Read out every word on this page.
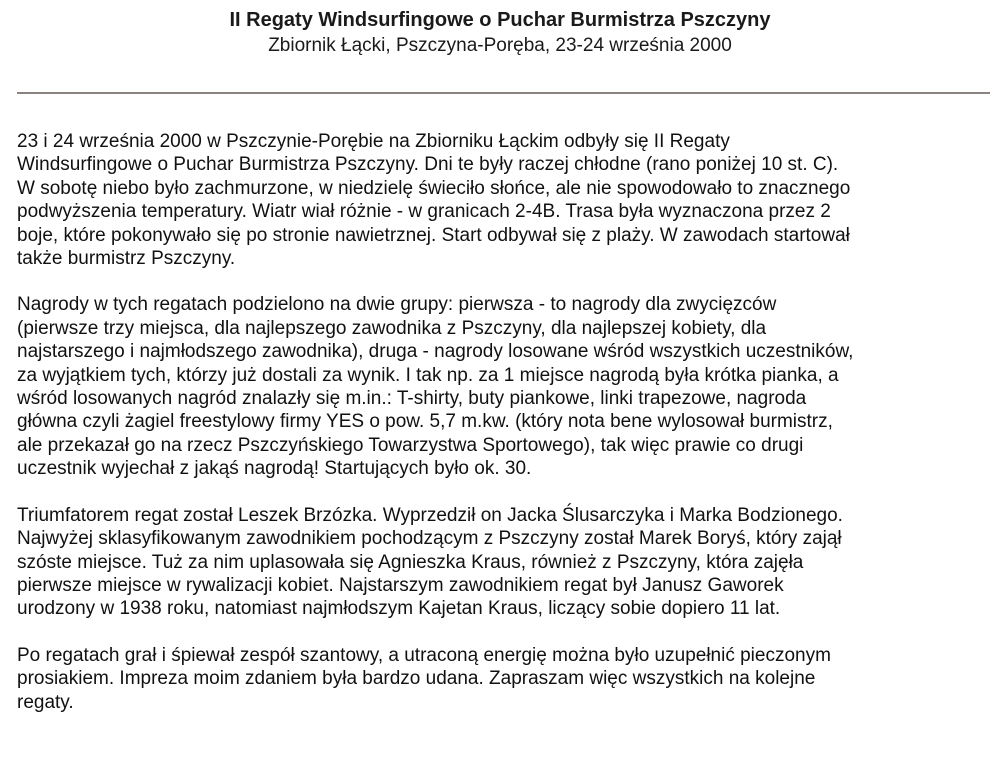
II Regaty Windsurfingowe o Puchar Burmistrza Pszczyny

Zbiornik Łącki, Pszczyna-Poręba, 23-24 września 2000

23 i 24 września 2000 w Pszczynie-Porębie na Zbiorniku Łąckim odbyły się II Regaty
Windsurfingowe o Puchar Burmistrza Pszczyny. Dni te były raczej chłodne (rano poniżej 10 st. C).
W sobotę niebo było zachmurzone, w niedzielę świeciło słońce, ale nie spowodowało to znacznego
podwyższenia temperatury. Wiatr wiał różnie - w granicach 2-4B. Trasa była wyznaczona przez 2
boje, które pokonywało się po stronie nawietrznej. Start odbywał się z plaży. W zawodach startował
także burmistrz Pszczyny.

Nagrody w tych regatach podzielono na dwie grupy: pierwsza - to nagrody dla zwycięzców
(pierwsze trzy miejsca, dla najlepszego zawodnika z Pszczyny, dla najlepszej kobiety, dla
najstarszego i najmłodszego zawodnika), druga - nagrody losowane wśród wszystkich uczestników,
za wyjątkiem tych, którzy już dostali za wynik. I tak np. za 1 miejsce nagrodą była krótka pianka, a
wśród losowanych nagród znalazły się m.in.: T-shirty, buty piankowe, linki trapezowe, nagroda
główna czyli żagiel freestylowy firmy YES o pow. 5,7 m.kw. (który nota bene wylosował burmistrz,
ale przekazał go na rzecz Pszczyńskiego Towarzystwa Sportowego), tak więc prawie co drugi
uczestnik wyjechał z jakąś nagrodą! Startujących było ok. 30.

Triumfatorem regat został Leszek Brzózka. Wyprzedził on Jacka Ślusarczyka i Marka Bodzionego.
Najwyżej sklasyfikowanym zawodnikiem pochodzącym z Pszczyny został Marek Boryś, który zajął
szóste miejsce. Tuż za nim uplasowała się Agnieszka Kraus, również z Pszczyny, która zajęła
pierwsze miejsce w rywalizacji kobiet. Najstarszym zawodnikiem regat był Janusz Gaworek
urodzony w 1938 roku, natomiast najmłodszym Kajetan Kraus, liczący sobie dopiero 11 lat.

Po regatach grał i śpiewał zespół szantowy, a utraconą energię można było uzupełnić pieczonym
prosiakiem. Impreza moim zdaniem była bardzo udana. Zapraszam więc wszystkich na kolejne
regaty.
